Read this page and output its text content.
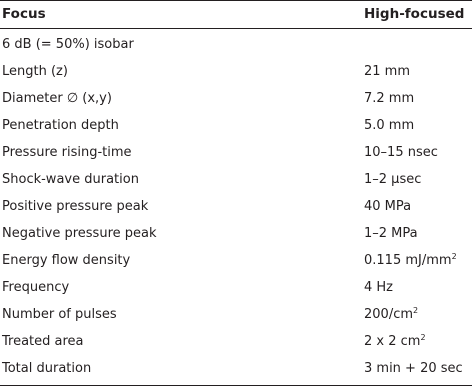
Focus	High-focused
6 dB (= 50%) isobar
Length (z)	21 mm
Diameter ∅ (x,y)	7.2 mm
Penetration depth	5.0 mm
Pressure rising-time	10–15 nsec
Shock-wave duration	1–2 µsec
Positive pressure peak	40 MPa
Negative pressure peak	1–2 MPa
Energy flow density	0.115 $mJ/mm^2$
Frequency	4 Hz
Number of pulses	$200/cm^2$
Treated area	2 x 2 $cm^2$
Total duration	3 min + 20 sec
